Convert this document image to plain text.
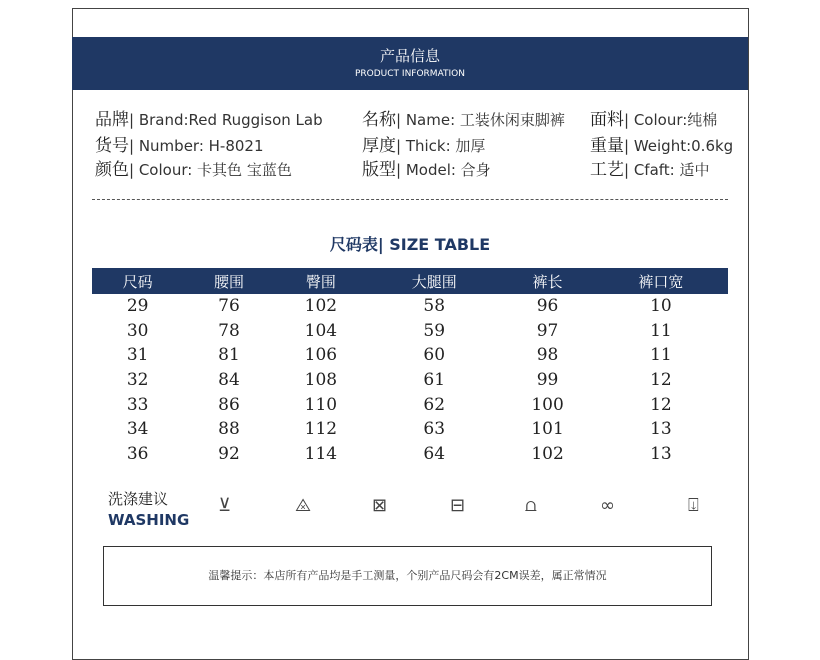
产品信息
PRODUCT INFORMATION
品牌| Brand:Red Ruggison Lab 名称| Name: 工装休闲束脚裤 面料| Colour:纯棉
货号| Number: H-8021	厚度| Thick: 加厚	重量| Weight:0.6kg
颜色| Colour: 卡其色 宝蓝色	版型| Model: 合身	工艺| Cfaft: 适中
尺码表| SIZE TABLE
尺码	腰围	臀围	大腿围	裤长	裤口宽
29	76	102	58	96	10
30	78	104	59	97	11
31	81	106	60	98	11
32	84	108	61	99	12
33	86	110	62	100	12
34	88	112	63	101	13
36	92	114	64	102	13
洗涤建议
WASHING
⊻	⨻	⊠	⊟	⩍	∞	⍗
温馨提示：本店所有产品均是手工测量，个别产品尺码会有2CM误差，属正常情况
